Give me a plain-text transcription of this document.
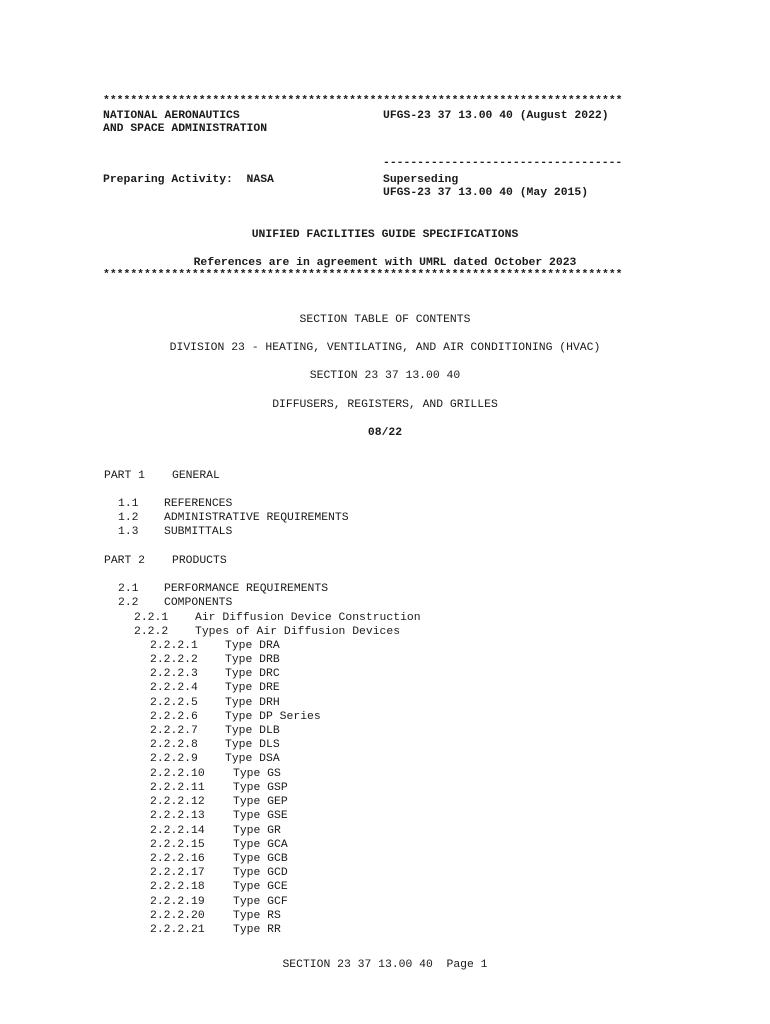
****************************************************************************
NATIONAL AERONAUTICS	UFGS-23 37 13.00 40 (August 2022)
AND SPACE ADMINISTRATION
-----------------------------------
Preparing Activity:  NASA	Superseding
UFGS-23 37 13.00 40 (May 2015)
UNIFIED FACILITIES GUIDE SPECIFICATIONS
References are in agreement with UMRL dated October 2023
****************************************************************************
SECTION TABLE OF CONTENTS
DIVISION 23 - HEATING, VENTILATING, AND AIR CONDITIONING (HVAC)
SECTION 23 37 13.00 40
DIFFUSERS, REGISTERS, AND GRILLES
08/22
PART 1 GENERAL
1.1 REFERENCES
1.2 ADMINISTRATIVE REQUIREMENTS
1.3 SUBMITTALS
PART 2 PRODUCTS
2.1 PERFORMANCE REQUIREMENTS
2.2 COMPONENTS
2.2.1 Air Diffusion Device Construction
2.2.2 Types of Air Diffusion Devices
2.2.2.1 Type DRA
2.2.2.2 Type DRB
2.2.2.3 Type DRC
2.2.2.4 Type DRE
2.2.2.5 Type DRH
2.2.2.6 Type DP Series
2.2.2.7 Type DLB
2.2.2.8 Type DLS
2.2.2.9 Type DSA
2.2.2.10 Type GS
2.2.2.11 Type GSP
2.2.2.12 Type GEP
2.2.2.13 Type GSE
2.2.2.14 Type GR
2.2.2.15 Type GCA
2.2.2.16 Type GCB
2.2.2.17 Type GCD
2.2.2.18 Type GCE
2.2.2.19 Type GCF
2.2.2.20 Type RS
2.2.2.21 Type RR
SECTION 23 37 13.00 40  Page 1
